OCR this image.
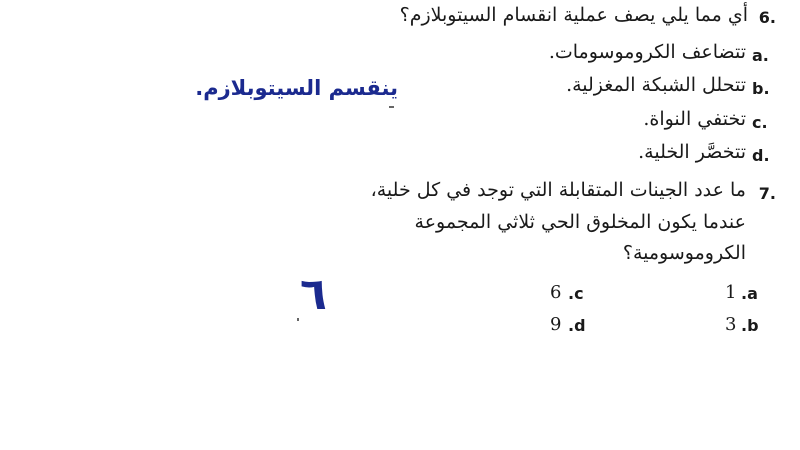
6.
أي مما يلي يصف عملية انقسام السيتوبلازم؟
a.
تتضاعف الكروموسومات.
b.
تتحلل الشبكة المغزلية.
c.
تختفي النواة.
d.
تتخصَّر الخلية.
ينقسم السيتوبلازم.
7.
ما عدد الجينات المتقابلة التي توجد في كل خلية،
عندما يكون المخلوق الحي ثلاثي المجموعة
الكروموسومية؟
1 .a
3 .b
6 .c
9 .d
٦
